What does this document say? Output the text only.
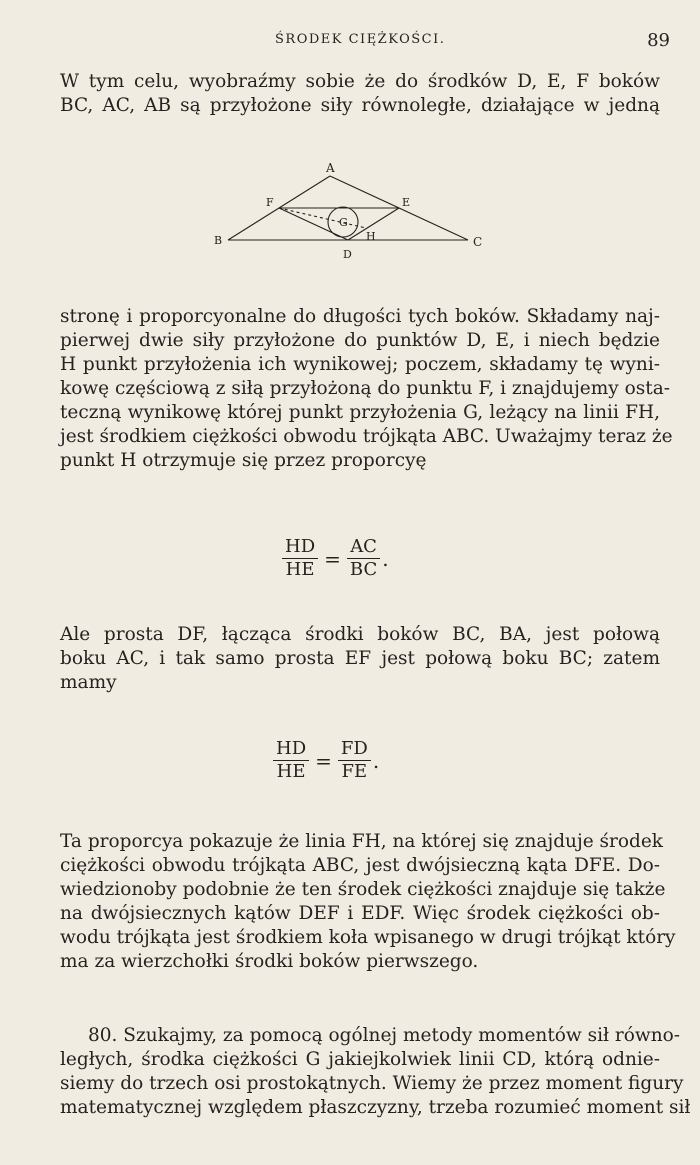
ŚRODEK CIĘŻKOŚCI.	89

W tym celu, wyobraźmy sobie że do środków D, E, F boków
BC, AC, AB są przyłożone siły równoległe, działające w jedną

A
B	C
D
E
F
G
H

stronę i proporcyonalne do długości tych boków. Składamy naj-
pierwej dwie siły przyłożone do punktów D, E, i niech będzie
H punkt przyłożenia ich wynikowej; poczem, składamy tę wyni-
kowę częściową z siłą przyłożoną do punktu F, i znajdujemy osta-
teczną wynikowę której punkt przyłożenia G, leżący na linii FH,
jest środkiem ciężkości obwodu trójkąta ABC. Uważajmy teraz że
punkt H otrzymuje się przez proporcyę

$\frac{HD}{HE} = \frac{AC}{BC}$ .

Ale prosta DF, łącząca środki boków BC, BA, jest połową
boku AC, i tak samo prosta EF jest połową boku BC; zatem
mamy

$\frac{HD}{HE} = \frac{FD}{FE}$ .

Ta proporcya pokazuje że linia FH, na której się znajduje środek
ciężkości obwodu trójkąta ABC, jest dwójsieczną kąta DFE. Do-
wiedzionoby podobnie że ten środek ciężkości znajduje się także
na dwójsiecznych kątów DEF i EDF. Więc środek ciężkości ob-
wodu trójkąta jest środkiem koła wpisanego w drugi trójkąt który
ma za wierzchołki środki boków pierwszego.

80. Szukajmy, za pomocą ogólnej metody momentów sił równo-
ległych, środka ciężkości G jakiejkolwiek linii CD, którą odnie-
siemy do trzech osi prostokątnych. Wiemy że przez moment figury
matematycznej względem płaszczyzny, trzeba rozumieć moment sił
